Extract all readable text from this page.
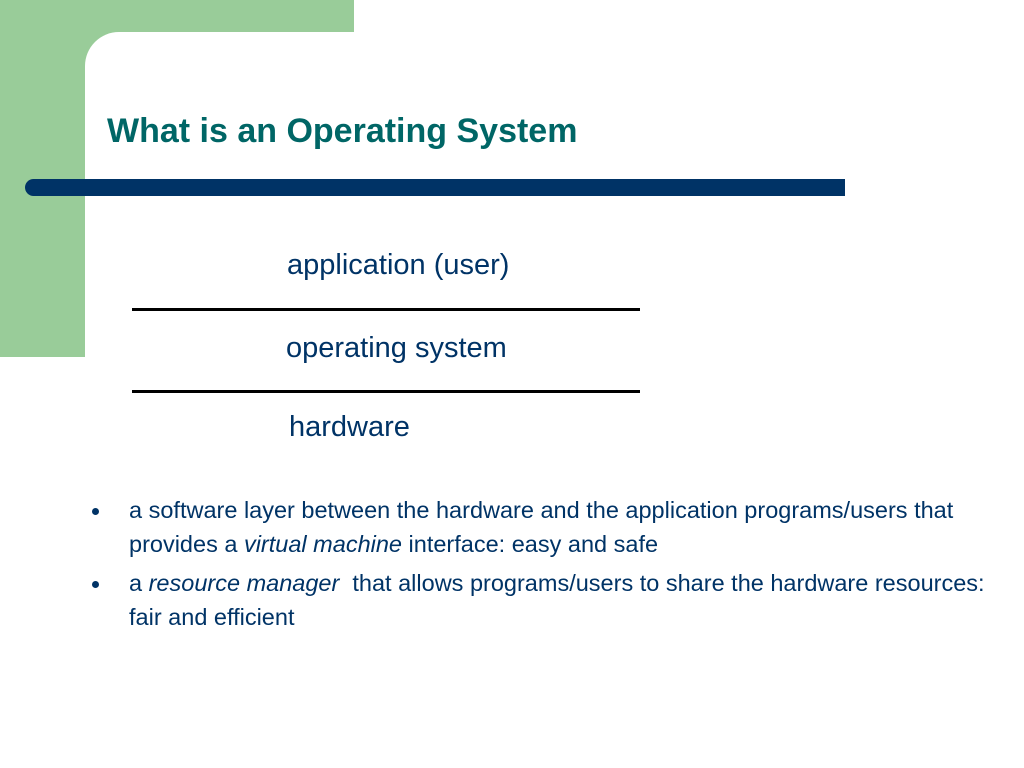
What is an Operating System
application (user)
operating system
hardware
a software layer between the hardware and the application programs/users that provides a virtual machine interface: easy and safe
a resource manager  that allows programs/users to share the hardware resources: fair and efficient
